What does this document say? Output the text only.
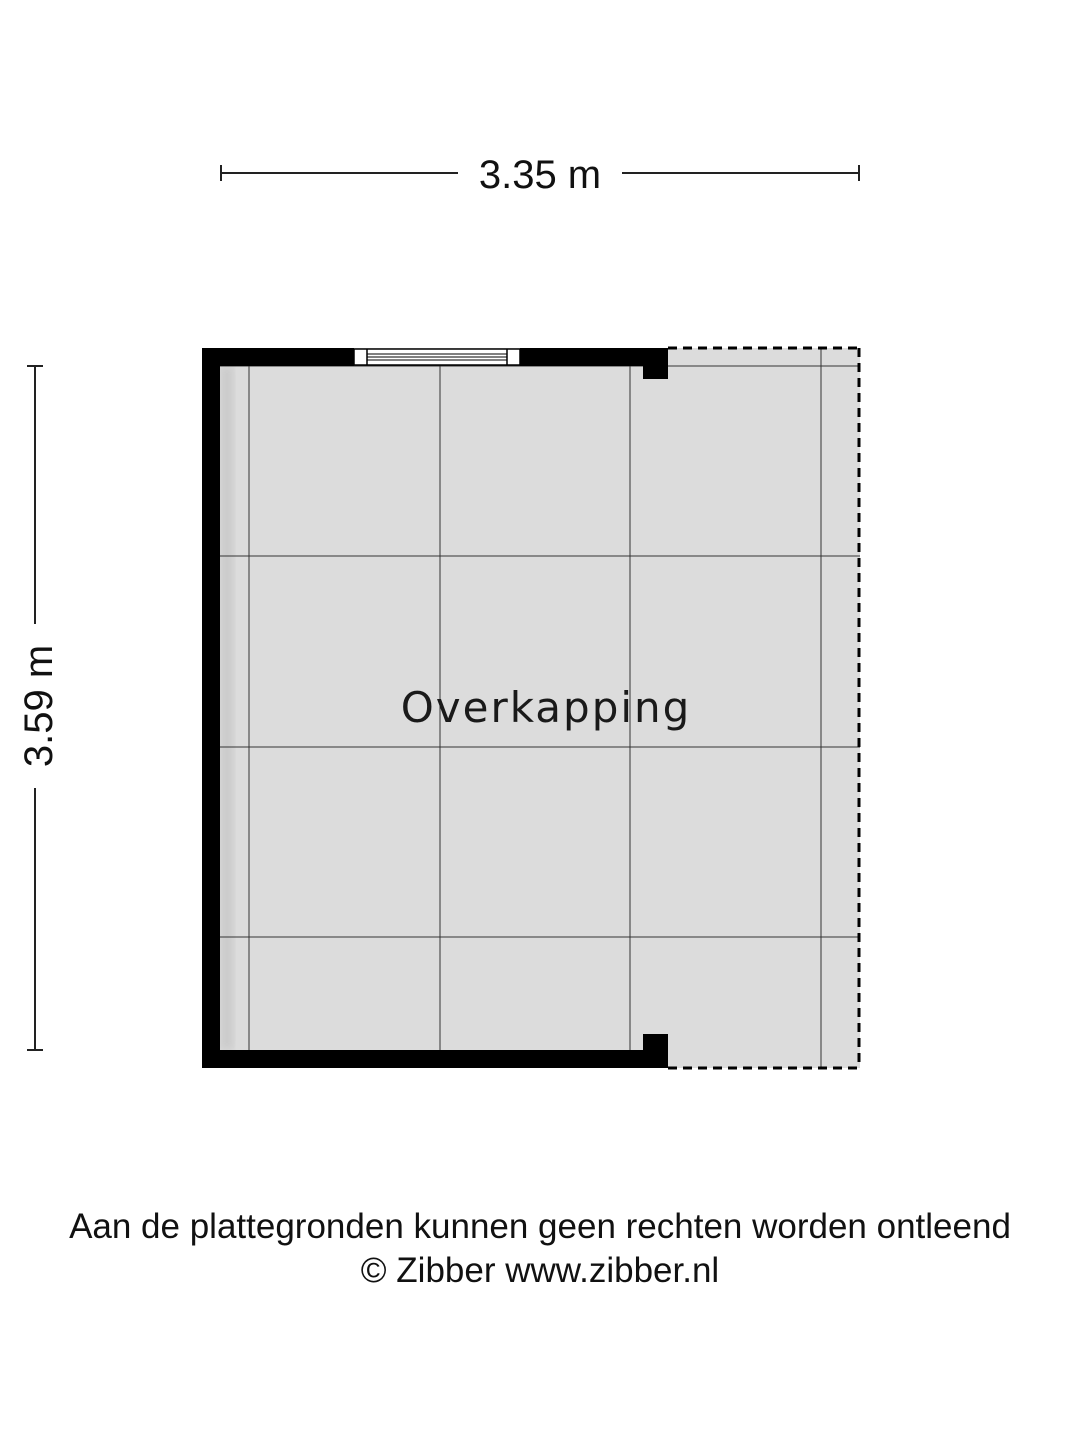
3.35 m
3.59 m	Overkapping
Aan de plattegronden kunnen geen rechten worden ontleend
© Zibber www.zibber.nl
